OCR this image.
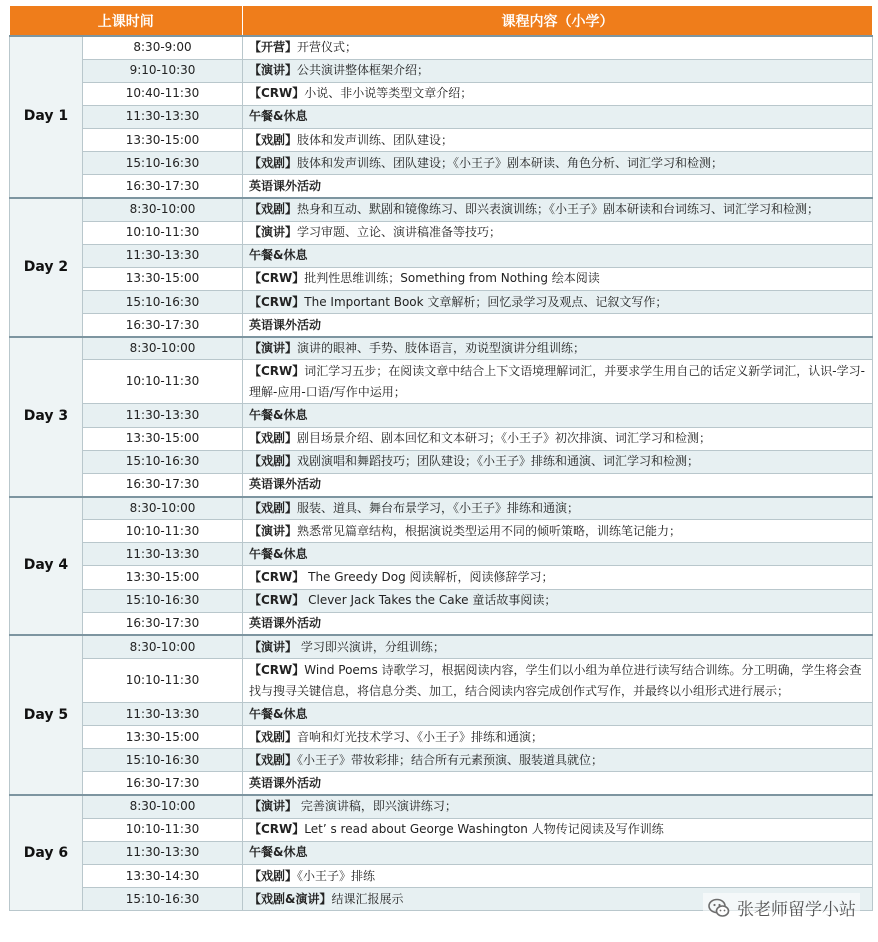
上课时间		课程内容（小学）
Day 1	8:30-9:00	【开营】开营仪式；
	9:10-10:30	【演讲】公共演讲整体框架介绍；
	10:40-11:30	【CRW】小说、非小说等类型文章介绍；
	11:30-13:30	午餐&休息
	13:30-15:00	【戏剧】肢体和发声训练、团队建设；
	15:10-16:30	【戏剧】肢体和发声训练、团队建设；《小王子》剧本研读、角色分析、词汇学习和检测；
	16:30-17:30	英语课外活动
Day 2	8:30-10:00	【戏剧】热身和互动、默剧和镜像练习、即兴表演训练；《小王子》剧本研读和台词练习、词汇学习和检测；
	10:10-11:30	【演讲】学习审题、立论、演讲稿准备等技巧；
	11:30-13:30	午餐&休息
	13:30-15:00	【CRW】批判性思维训练；Something from Nothing 绘本阅读
	15:10-16:30	【CRW】The Important Book 文章解析；回忆录学习及观点、记叙文写作；
	16:30-17:30	英语课外活动
Day 3	8:30-10:00	【演讲】演讲的眼神、手势、肢体语言，劝说型演讲分组训练；
	10:10-11:30	【CRW】词汇学习五步；在阅读文章中结合上下文语境理解词汇，并要求学生用自己的话定义新学词汇，认识-学习-理解-应用-口语/写作中运用；
	11:30-13:30	午餐&休息
	13:30-15:00	【戏剧】剧目场景介绍、剧本回忆和文本研习；《小王子》初次排演、词汇学习和检测；
	15:10-16:30	【戏剧】戏剧演唱和舞蹈技巧；团队建设；《小王子》排练和通演、词汇学习和检测；
	16:30-17:30	英语课外活动
Day 4	8:30-10:00	【戏剧】服装、道具、舞台布景学习，《小王子》排练和通演；
	10:10-11:30	【演讲】熟悉常见篇章结构，根据演说类型运用不同的倾听策略，训练笔记能力；
	11:30-13:30	午餐&休息
	13:30-15:00	【CRW】 The Greedy Dog 阅读解析，阅读修辞学习；
	15:10-16:30	【CRW】 Clever Jack Takes the Cake 童话故事阅读；
	16:30-17:30	英语课外活动
Day 5	8:30-10:00	【演讲】 学习即兴演讲，分组训练；
	10:10-11:30	【CRW】Wind Poems 诗歌学习，根据阅读内容，学生们以小组为单位进行读写结合训练。分工明确，学生将会查找与搜寻关键信息，将信息分类、加工，结合阅读内容完成创作式写作，并最终以小组形式进行展示；
	11:30-13:30	午餐&休息
	13:30-15:00	【戏剧】音响和灯光技术学习、《小王子》排练和通演；
	15:10-16:30	【戏剧】《小王子》带妆彩排；结合所有元素预演、服装道具就位；
	16:30-17:30	英语课外活动
Day 6	8:30-10:00	【演讲】 完善演讲稿，即兴演讲练习；
	10:10-11:30	【CRW】Let’ s read about George Washington 人物传记阅读及写作训练
	11:30-13:30	午餐&休息
	13:30-14:30	【戏剧】《小王子》排练
	15:10-16:30	【戏剧&演讲】结课汇报展示
张老师留学小站
